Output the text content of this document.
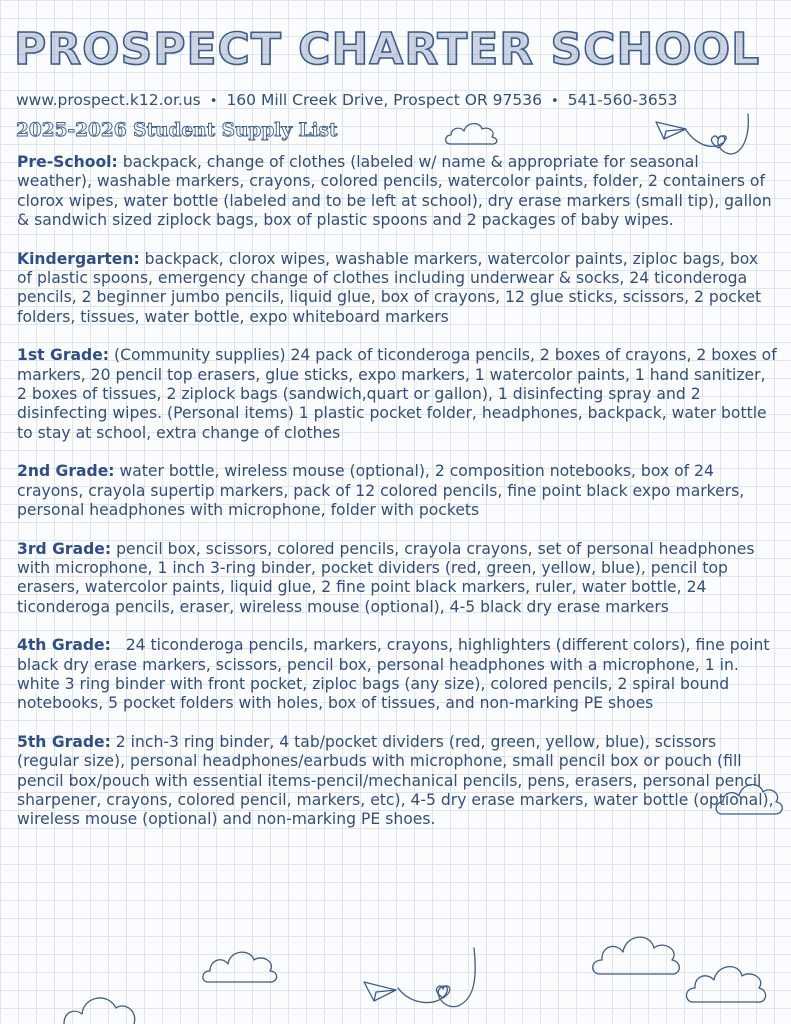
PROSPECT CHARTER SCHOOL
www.prospect.k12.or.us • 160 Mill Creek Drive, Prospect OR 97536 • 541-560-3653
2025-2026 Student Supply List

Pre-School: backpack, change of clothes (labeled w/ name & appropriate for seasonal weather), washable markers, crayons, colored pencils, watercolor paints, folder, 2 containers of clorox wipes, water bottle (labeled and to be left at school), dry erase markers (small tip), gallon & sandwich sized ziplock bags, box of plastic spoons and 2 packages of baby wipes.

Kindergarten: backpack, clorox wipes, washable markers, watercolor paints, ziploc bags, box of plastic spoons, emergency change of clothes including underwear & socks, 24 ticonderoga pencils, 2 beginner jumbo pencils, liquid glue, box of crayons, 12 glue sticks, scissors, 2 pocket folders, tissues, water bottle, expo whiteboard markers

1st Grade: (Community supplies) 24 pack of ticonderoga pencils, 2 boxes of crayons, 2 boxes of markers, 20 pencil top erasers, glue sticks, expo markers, 1 watercolor paints, 1 hand sanitizer, 2 boxes of tissues, 2 ziplock bags (sandwich,quart or gallon), 1 disinfecting spray and 2 disinfecting wipes. (Personal items) 1 plastic pocket folder, headphones, backpack, water bottle to stay at school, extra change of clothes

2nd Grade: water bottle, wireless mouse (optional), 2 composition notebooks, box of 24 crayons, crayola supertip markers, pack of 12 colored pencils, fine point black expo markers, personal headphones with microphone, folder with pockets

3rd Grade: pencil box, scissors, colored pencils, crayola crayons, set of personal headphones with microphone, 1 inch 3-ring binder, pocket dividers (red, green, yellow, blue), pencil top erasers, watercolor paints, liquid glue, 2 fine point black markers, ruler, water bottle, 24 ticonderoga pencils, eraser, wireless mouse (optional), 4-5 black dry erase markers

4th Grade: 24 ticonderoga pencils, markers, crayons, highlighters (different colors), fine point black dry erase markers, scissors, pencil box, personal headphones with a microphone, 1 in. white 3 ring binder with front pocket, ziploc bags (any size), colored pencils, 2 spiral bound notebooks, 5 pocket folders with holes, box of tissues, and non-marking PE shoes

5th Grade: 2 inch-3 ring binder, 4 tab/pocket dividers (red, green, yellow, blue), scissors (regular size), personal headphones/earbuds with microphone, small pencil box or pouch (fill pencil box/pouch with essential items-pencil/mechanical pencils, pens, erasers, personal pencil sharpener, crayons, colored pencil, markers, etc), 4-5 dry erase markers, water bottle (optional), wireless mouse (optional) and non-marking PE shoes.
